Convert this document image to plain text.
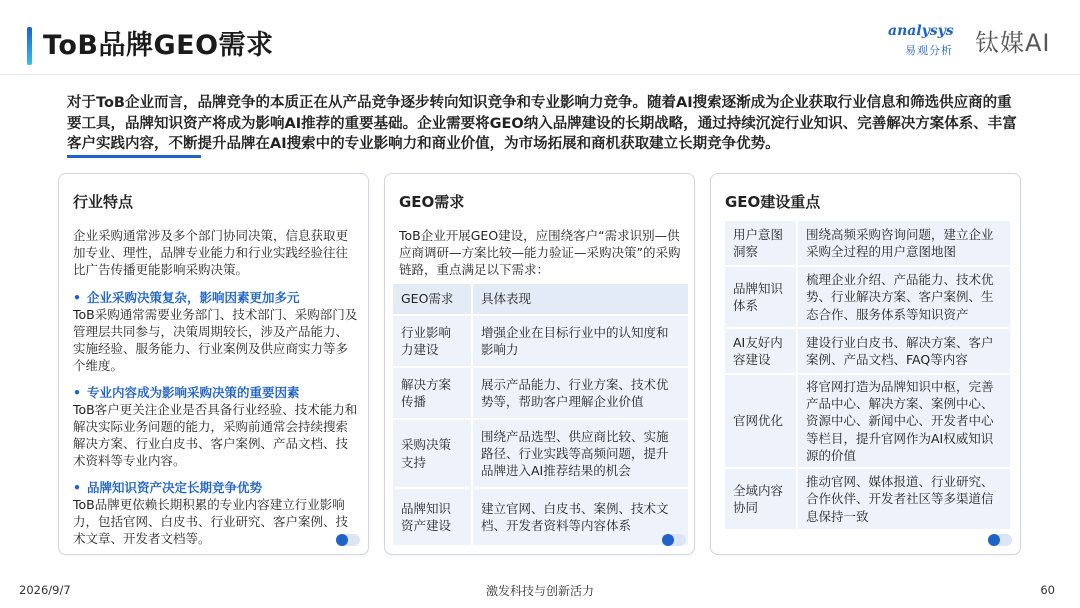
ToB品牌GEO需求	analysys
易观分析 钛媒AI
对于ToB企业而言，品牌竞争的本质正在从产品竞争逐步转向知识竞争和专业影响力竞争。随着AI搜索逐渐成为企业获取行业信息和筛选供应商的重要工具，品牌知识资产将成为影响AI推荐的重要基础。企业需要将GEO纳入品牌建设的长期战略，通过持续沉淀行业知识、完善解决方案体系、丰富客户实践内容，不断提升品牌在AI搜索中的专业影响力和商业价值，为市场拓展和商机获取建立长期竞争优势。
行业特点

企业采购通常涉及多个部门协同决策，信息获取更加专业、理性，品牌专业能力和行业实践经验往往比广告传播更能影响采购决策。

• 企业采购决策复杂，影响因素更加多元
ToB采购通常需要业务部门、技术部门、采购部门及管理层共同参与，决策周期较长，涉及产品能力、实施经验、服务能力、行业案例及供应商实力等多个维度。
• 专业内容成为影响采购决策的重要因素
ToB客户更关注企业是否具备行业经验、技术能力和解决实际业务问题的能力，采购前通常会持续搜索解决方案、行业白皮书、客户案例、产品文档、技术资料等专业内容。
• 品牌知识资产决定长期竞争优势
ToB品牌更依赖长期积累的专业内容建立行业影响力，包括官网、白皮书、行业研究、客户案例、技术文章、开发者文档等。
GEO需求
ToB企业开展GEO建设，应围绕客户“需求识别—供应商调研—方案比较—能力验证—采购决策”的采购链路，重点满足以下需求：
GEO需求	具体表现
行业影响力建设	增强企业在目标行业中的认知度和影响力
解决方案传播	展示产品能力、行业方案、技术优势等，帮助客户理解企业价值
采购决策支持	围绕产品选型、供应商比较、实施路径、行业实践等高频问题，提升品牌进入AI推荐结果的机会
品牌知识资产建设	建立官网、白皮书、案例、技术文档、开发者资料等内容体系
GEO建设重点
用户意图洞察	围绕高频采购咨询问题，建立企业采购全过程的用户意图地图
品牌知识体系	梳理企业介绍、产品能力、技术优势、行业解决方案、客户案例、生态合作、服务体系等知识资产
AI友好内容建设	建设行业白皮书、解决方案、客户案例、产品文档、FAQ等内容
官网优化	将官网打造为品牌知识中枢，完善产品中心、解决方案、案例中心、资源中心、新闻中心、开发者中心等栏目，提升官网作为AI权威知识源的价值
全域内容协同	推动官网、媒体报道、行业研究、合作伙伴、开发者社区等多渠道信息保持一致
2026/9/7	激发科技与创新活力	60
